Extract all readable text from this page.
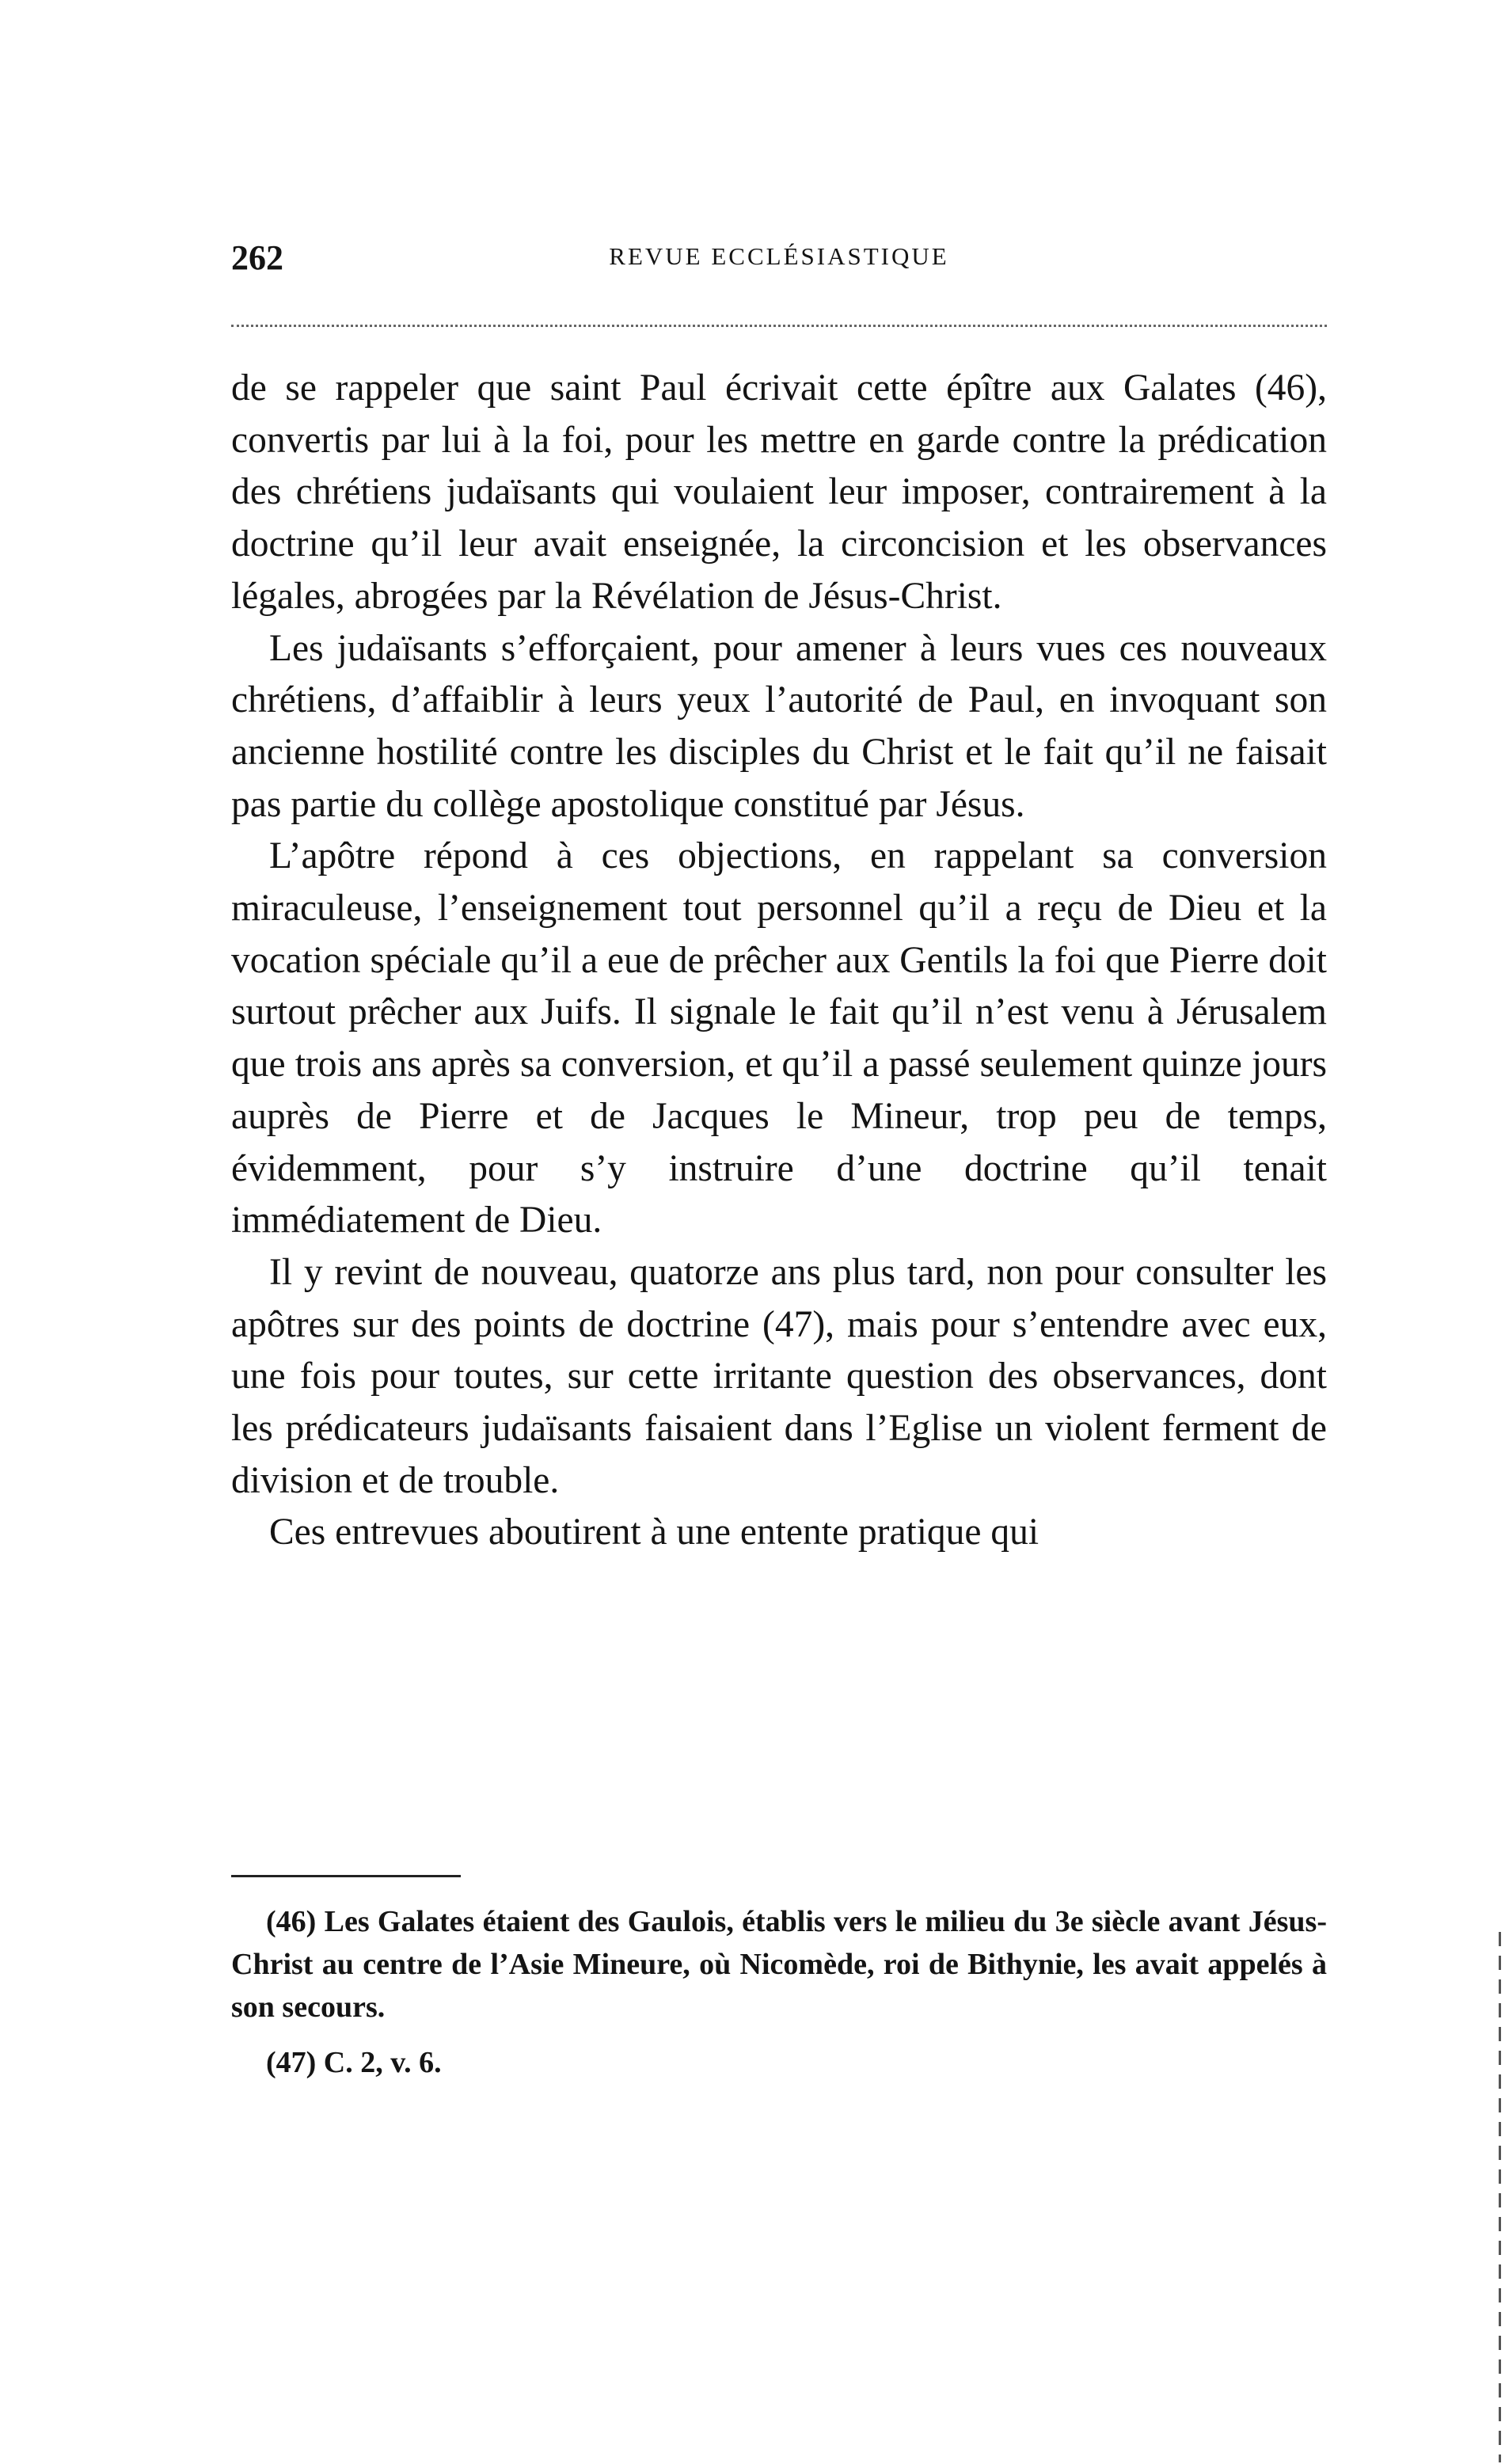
262	REVUE ECCLÉSIASTIQUE

de se rappeler que saint Paul écrivait cette épître aux Galates (46), convertis par lui à la foi, pour les mettre en garde contre la prédication des chrétiens judaïsants qui voulaient leur imposer, contrairement à la doctrine qu’il leur avait enseignée, la circoncision et les observances légales, abrogées par la Révélation de Jésus-Christ.

Les judaïsants s’efforçaient, pour amener à leurs vues ces nouveaux chrétiens, d’affaiblir à leurs yeux l’autorité de Paul, en invoquant son ancienne hostilité contre les disciples du Christ et le fait qu’il ne faisait pas partie du collège apostolique constitué par Jésus.

L’apôtre répond à ces objections, en rappelant sa conversion miraculeuse, l’enseignement tout personnel qu’il a reçu de Dieu et la vocation spéciale qu’il a eue de prêcher aux Gentils la foi que Pierre doit surtout prêcher aux Juifs. Il signale le fait qu’il n’est venu à Jérusalem que trois ans après sa conversion, et qu’il a passé seulement quinze jours auprès de Pierre et de Jacques le Mineur, trop peu de temps, évidemment, pour s’y instruire d’une doctrine qu’il tenait immédiatement de Dieu.

Il y revint de nouveau, quatorze ans plus tard, non pour consulter les apôtres sur des points de doctrine (47), mais pour s’entendre avec eux, une fois pour toutes, sur cette irritante question des observances, dont les prédicateurs judaïsants faisaient dans l’Eglise un violent ferment de division et de trouble.

Ces entrevues aboutirent à une entente pratique qui

(46) Les Galates étaient des Gaulois, établis vers le milieu du 3e siècle avant Jésus-Christ au centre de l’Asie Mineure, où Nicomède, roi de Bithynie, les avait appelés à son secours.

(47) C. 2, v. 6.
